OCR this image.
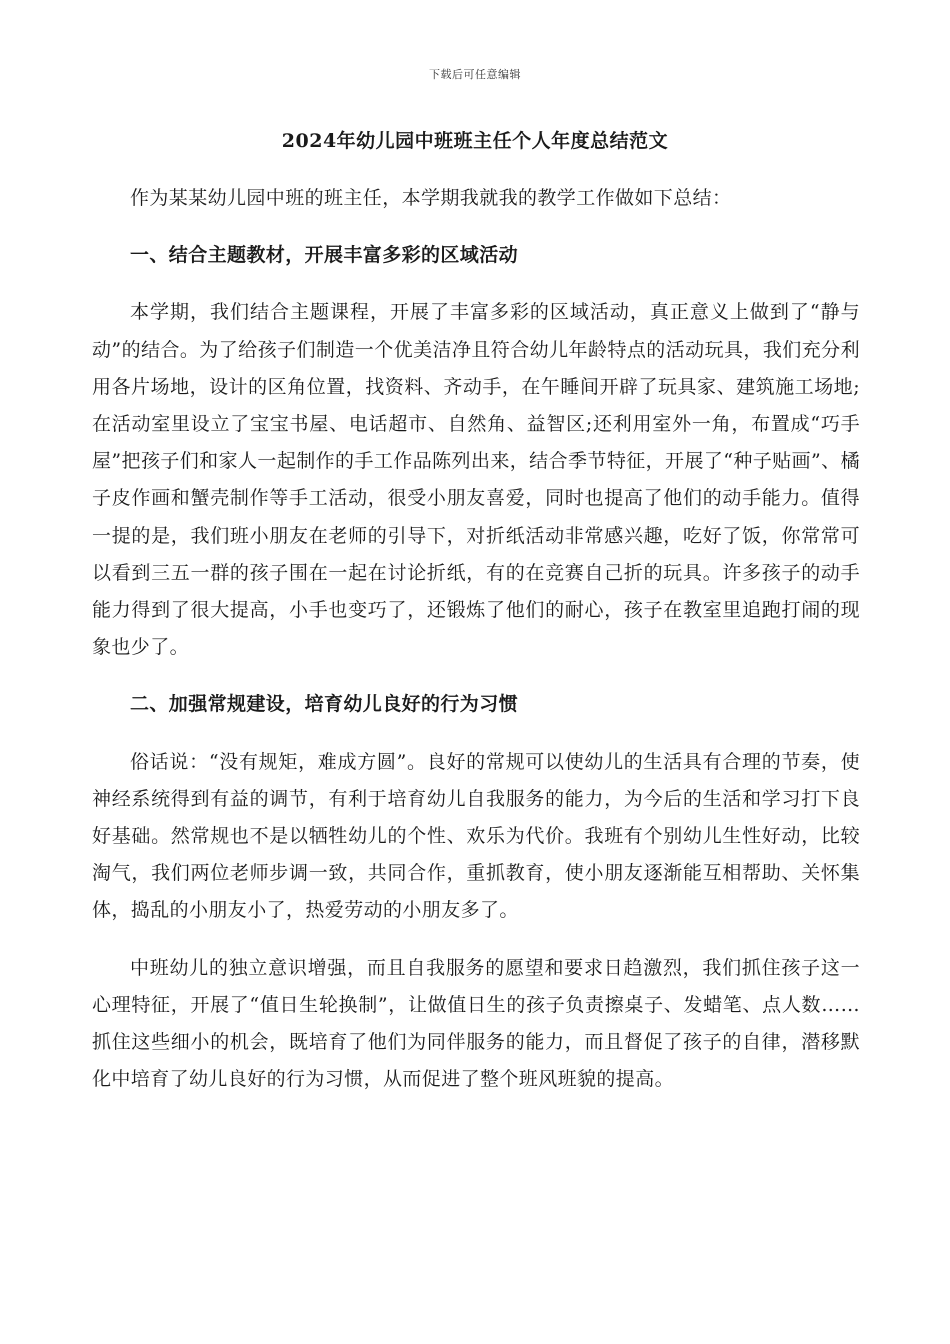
下载后可任意编辑
2024年幼儿园中班班主任个人年度总结范文

作为某某幼儿园中班的班主任，本学期我就我的教学工作做如下总结：

一、结合主题教材，开展丰富多彩的区域活动

本学期，我们结合主题课程，开展了丰富多彩的区域活动，真正意义上做到了“静与动”的结合。为了给孩子们制造一个优美洁净且符合幼儿年龄特点的活动玩具，我们充分利用各片场地，设计的区角位置，找资料、齐动手，在午睡间开辟了玩具家、建筑施工场地;在活动室里设立了宝宝书屋、电话超市、自然角、益智区;还利用室外一角，布置成“巧手屋”把孩子们和家人一起制作的手工作品陈列出来，结合季节特征，开展了“种子贴画”、橘子皮作画和蟹壳制作等手工活动，很受小朋友喜爱，同时也提高了他们的动手能力。值得一提的是，我们班小朋友在老师的引导下，对折纸活动非常感兴趣，吃好了饭，你常常可以看到三五一群的孩子围在一起在讨论折纸，有的在竞赛自己折的玩具。许多孩子的动手能力得到了很大提高，小手也变巧了，还锻炼了他们的耐心，孩子在教室里追跑打闹的现象也少了。

二、加强常规建设，培育幼儿良好的行为习惯

俗话说：“没有规矩，难成方圆”。良好的常规可以使幼儿的生活具有合理的节奏，使神经系统得到有益的调节，有利于培育幼儿自我服务的能力，为今后的生活和学习打下良好基础。然常规也不是以牺牲幼儿的个性、欢乐为代价。我班有个别幼儿生性好动，比较淘气，我们两位老师步调一致，共同合作，重抓教育，使小朋友逐渐能互相帮助、关怀集体，捣乱的小朋友小了，热爱劳动的小朋友多了。

中班幼儿的独立意识增强，而且自我服务的愿望和要求日趋激烈，我们抓住孩子这一心理特征，开展了“值日生轮换制”，让做值日生的孩子负责擦桌子、发蜡笔、点人数……抓住这些细小的机会，既培育了他们为同伴服务的能力，而且督促了孩子的自律，潜移默化中培育了幼儿良好的行为习惯，从而促进了整个班风班貌的提高。
